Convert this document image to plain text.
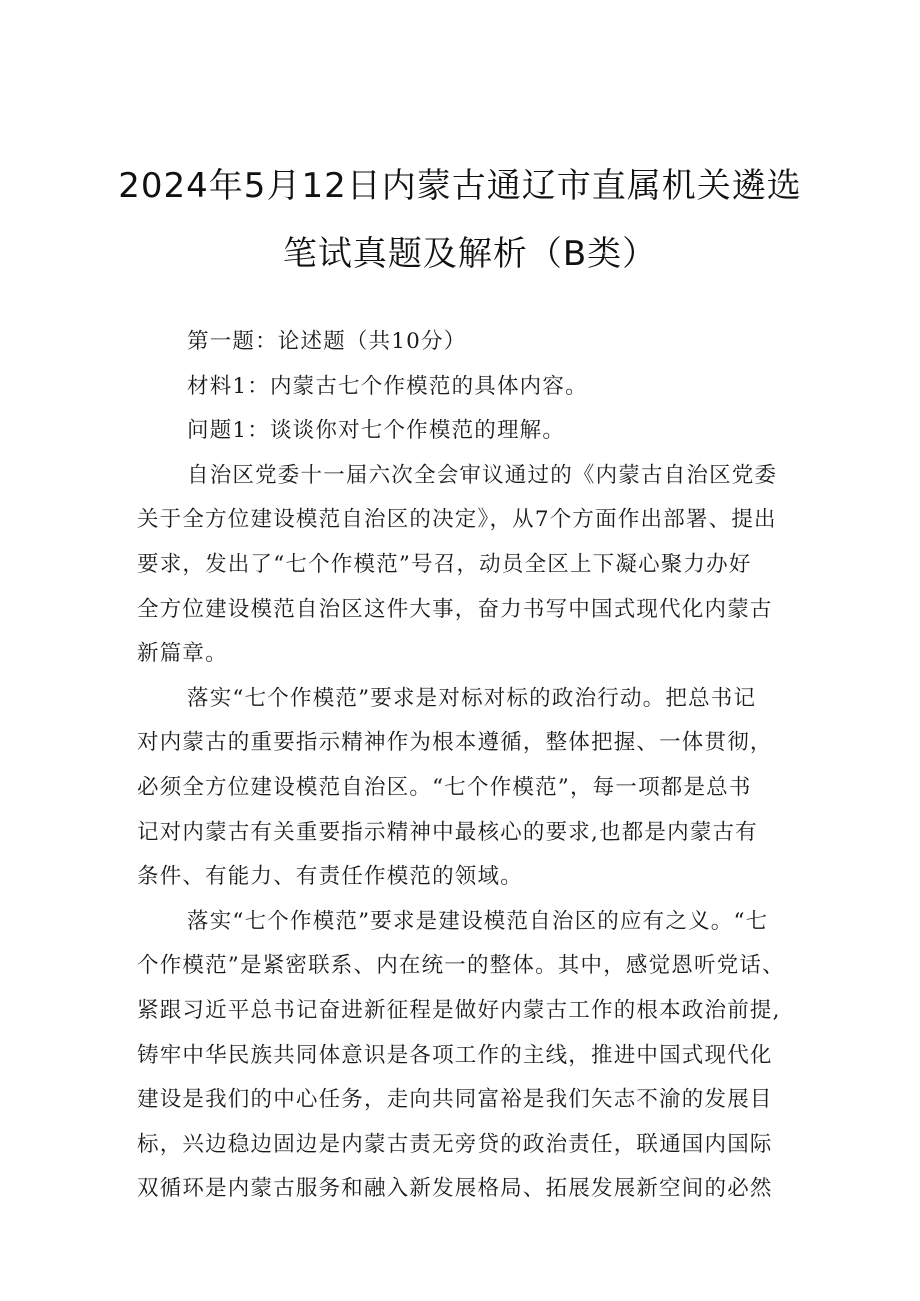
2024年5月12日内蒙古通辽市直属机关遴选
笔试真题及解析（B类）
第一题：论述题（共10分）
材料1：内蒙古七个作模范的具体内容。
问题1：谈谈你对七个作模范的理解。
自治区党委十一届六次全会审议通过的《内蒙古自治区党委
关于全方位建设模范自治区的决定》，从7个方面作出部署、提出
要求，发出了“七个作模范”号召，动员全区上下凝心聚力办好
全方位建设模范自治区这件大事，奋力书写中国式现代化内蒙古
新篇章。
落实“七个作模范”要求是对标对标的政治行动。把总书记
对内蒙古的重要指示精神作为根本遵循，整体把握、一体贯彻，
必须全方位建设模范自治区。“七个作模范”，每一项都是总书
记对内蒙古有关重要指示精神中最核心的要求,也都是内蒙古有
条件、有能力、有责任作模范的领域。
落实“七个作模范”要求是建设模范自治区的应有之义。“七
个作模范”是紧密联系、内在统一的整体。其中，感觉恩听党话、
紧跟习近平总书记奋进新征程是做好内蒙古工作的根本政治前提,
铸牢中华民族共同体意识是各项工作的主线，推进中国式现代化
建设是我们的中心任务，走向共同富裕是我们矢志不渝的发展目
标，兴边稳边固边是内蒙古责无旁贷的政治责任，联通国内国际
双循环是内蒙古服务和融入新发展格局、拓展发展新空间的必然
